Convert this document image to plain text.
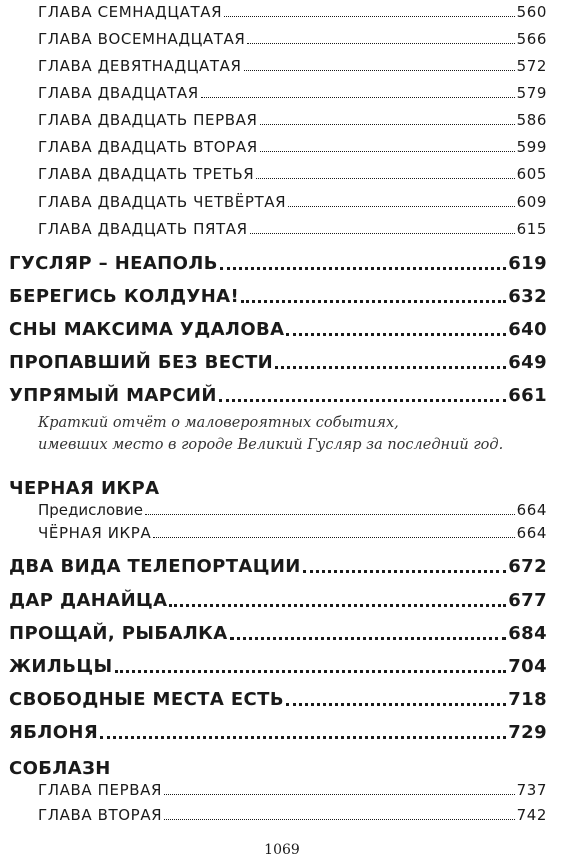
ГЛАВА СЕМНАДЦАТАЯ	560
ГЛАВА ВОСЕМНАДЦАТАЯ	566
ГЛАВА ДЕВЯТНАДЦАТАЯ	572
ГЛАВА ДВАДЦАТАЯ	579
ГЛАВА ДВАДЦАТЬ ПЕРВАЯ	586
ГЛАВА ДВАДЦАТЬ ВТОРАЯ	599
ГЛАВА ДВАДЦАТЬ ТРЕТЬЯ	605
ГЛАВА ДВАДЦАТЬ ЧЕТВЁРТАЯ	609
ГЛАВА ДВАДЦАТЬ ПЯТАЯ	615
ГУСЛЯР – НЕАПОЛЬ	619
БЕРЕГИСЬ КОЛДУНА!	632
СНЫ МАКСИМА УДАЛОВА	640
ПРОПАВШИЙ БЕЗ ВЕСТИ	649
УПРЯМЫЙ МАРСИЙ	661
Краткий отчёт о маловероятных событиях,
имевших место в городе Великий Гусляр за последний год.
ЧЕРНАЯ ИКРА
Предисловие	664
ЧЁРНАЯ ИКРА	664
ДВА ВИДА ТЕЛЕПОРТАЦИИ	672
ДАР ДАНАЙЦА	677
ПРОЩАЙ, РЫБАЛКА	684
ЖИЛЬЦЫ	704
СВОБОДНЫЕ МЕСТА ЕСТЬ	718
ЯБЛОНЯ	729
СОБЛАЗН
ГЛАВА ПЕРВАЯ	737
ГЛАВА ВТОРАЯ	742
1069
